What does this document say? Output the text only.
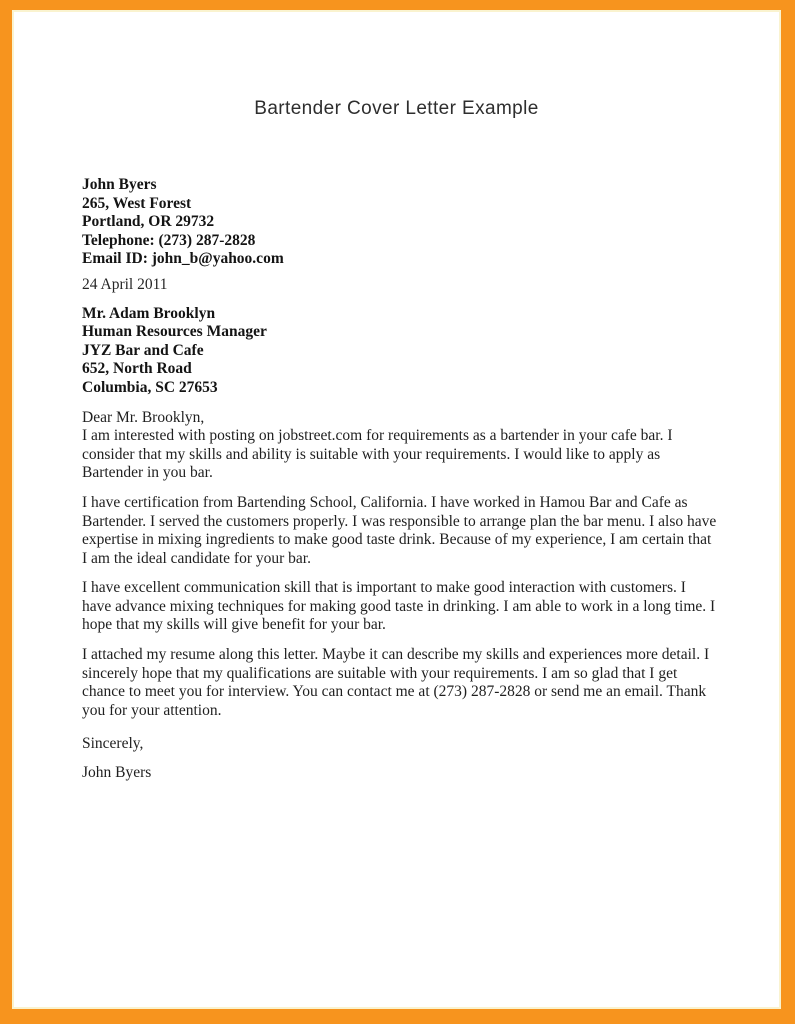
Bartender Cover Letter Example
John Byers
265, West Forest
Portland, OR 29732
Telephone: (273) 287-2828
Email ID: john_b@yahoo.com
24 April 2011
Mr. Adam Brooklyn
Human Resources Manager
JYZ Bar and Cafe
652, North Road
Columbia, SC 27653
Dear Mr. Brooklyn,
I am interested with posting on jobstreet.com for requirements as a bartender in your cafe bar. I consider that my skills and ability is suitable with your requirements. I would like to apply as Bartender in you bar.

I have certification from Bartending School, California. I have worked in Hamou Bar and Cafe as Bartender. I served the customers properly. I was responsible to arrange plan the bar menu. I also have expertise in mixing ingredients to make good taste drink. Because of my experience, I am certain that I am the ideal candidate for your bar.

I have excellent communication skill that is important to make good interaction with customers. I have advance mixing techniques for making good taste in drinking. I am able to work in a long time. I hope that my skills will give benefit for your bar.

I attached my resume along this letter. Maybe it can describe my skills and experiences more detail. I sincerely hope that my qualifications are suitable with your requirements. I am so glad that I get chance to meet you for interview. You can contact me at (273) 287-2828 or send me an email. Thank you for your attention.

Sincerely,
John Byers
